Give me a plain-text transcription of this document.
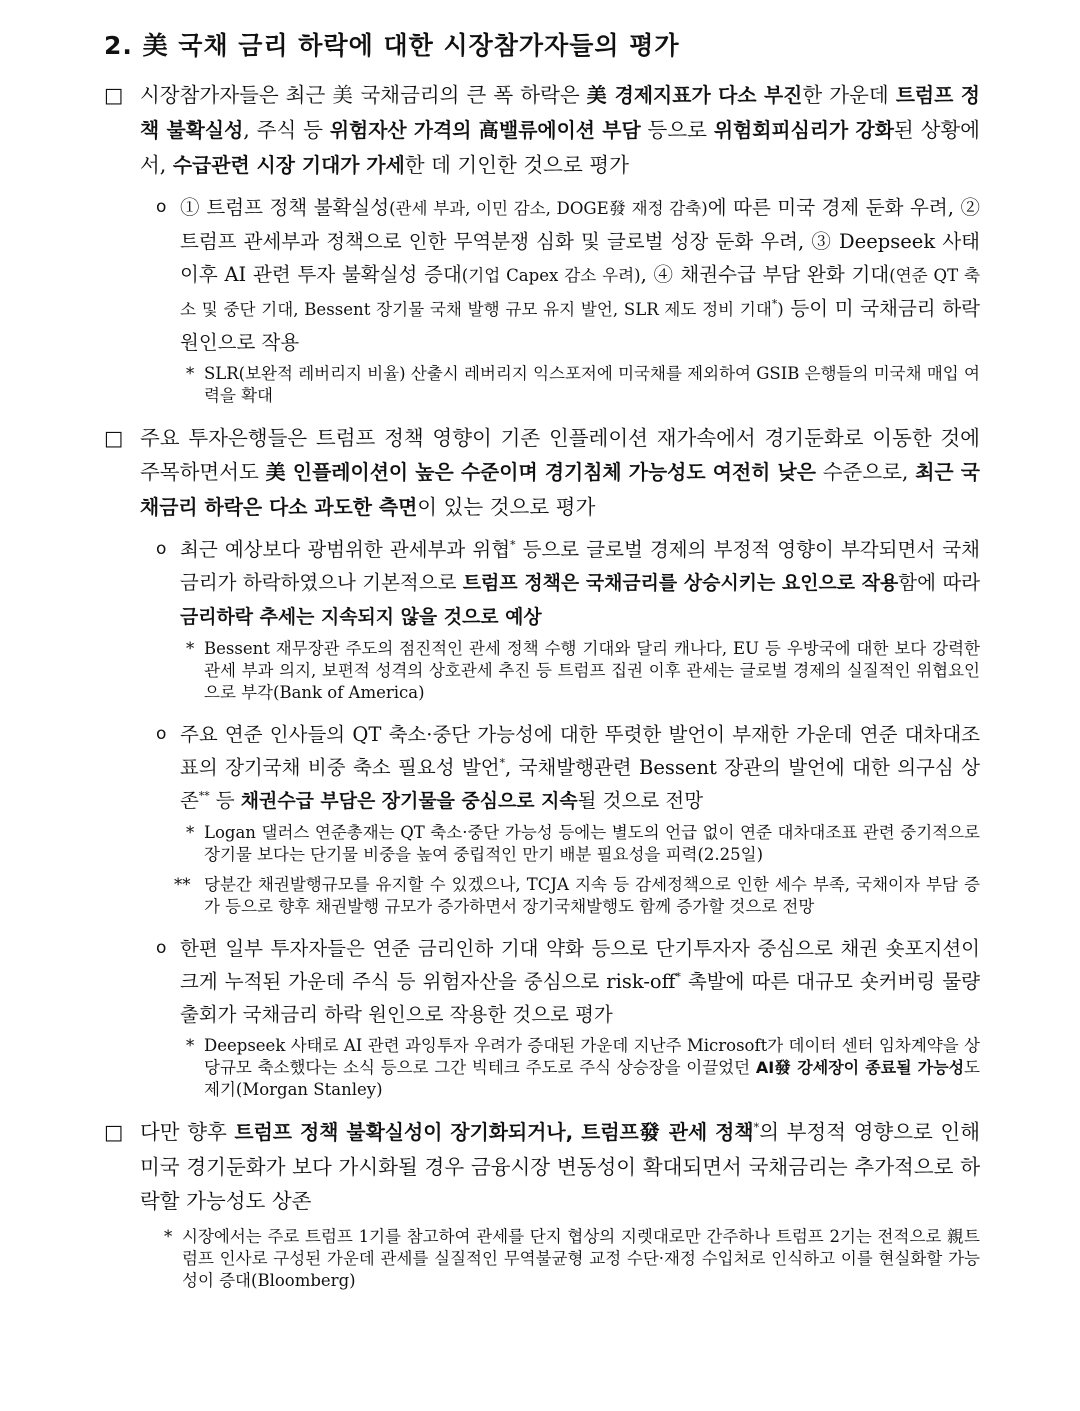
2. 美 국채 금리 하락에 대한 시장참가자들의 평가
□ 시장참가자들은 최근 美 국채금리의 큰 폭 하락은 美 경제지표가 다소 부진한 가운데 트럼프 정책 불확실성, 주식 등 위험자산 가격의 高밸류에이션 부담 등으로 위험회피심리가 강화된 상황에서, 수급관련 시장 기대가 가세한 데 기인한 것으로 평가
ο ① 트럼프 정책 불확실성(관세 부과, 이민 감소, DOGE發 재정 감축)에 따른 미국 경제 둔화 우려, ② 트럼프 관세부과 정책으로 인한 무역분쟁 심화 및 글로벌 성장 둔화 우려, ③ Deepseek 사태 이후 AI 관련 투자 불확실성 증대(기업 Capex 감소 우려), ④ 채권수급 부담 완화 기대(연준 QT 축소 및 중단 기대, Bessent 장기물 국채 발행 규모 유지 발언, SLR 제도 정비 기대*) 등이 미 국채금리 하락 원인으로 작용
* SLR(보완적 레버리지 비율) 산출시 레버리지 익스포저에 미국채를 제외하여 GSIB 은행들의 미국채 매입 여력을 확대
□ 주요 투자은행들은 트럼프 정책 영향이 기존 인플레이션 재가속에서 경기둔화로 이동한 것에 주목하면서도 美 인플레이션이 높은 수준이며 경기침체 가능성도 여전히 낮은 수준으로, 최근 국채금리 하락은 다소 과도한 측면이 있는 것으로 평가
ο 최근 예상보다 광범위한 관세부과 위협* 등으로 글로벌 경제의 부정적 영향이 부각되면서 국채금리가 하락하였으나 기본적으로 트럼프 정책은 국채금리를 상승시키는 요인으로 작용함에 따라 금리하락 추세는 지속되지 않을 것으로 예상
* Bessent 재무장관 주도의 점진적인 관세 정책 수행 기대와 달리 캐나다, EU 등 우방국에 대한 보다 강력한 관세 부과 의지, 보편적 성격의 상호관세 추진 등 트럼프 집권 이후 관세는 글로벌 경제의 실질적인 위협요인으로 부각(Bank of America)
ο 주요 연준 인사들의 QT 축소·중단 가능성에 대한 뚜렷한 발언이 부재한 가운데 연준 대차대조표의 장기국채 비중 축소 필요성 발언*, 국채발행관련 Bessent 장관의 발언에 대한 의구심 상존** 등 채권수급 부담은 장기물을 중심으로 지속될 것으로 전망
* Logan 댈러스 연준총재는 QT 축소·중단 가능성 등에는 별도의 언급 없이 연준 대차대조표 관련 중기적으로 장기물 보다는 단기물 비중을 높여 중립적인 만기 배분 필요성을 피력(2.25일)
** 당분간 채권발행규모를 유지할 수 있겠으나, TCJA 지속 등 감세정책으로 인한 세수 부족, 국채이자 부담 증가 등으로 향후 채권발행 규모가 증가하면서 장기국채발행도 함께 증가할 것으로 전망
ο 한편 일부 투자자들은 연준 금리인하 기대 약화 등으로 단기투자자 중심으로 채권 숏포지션이 크게 누적된 가운데 주식 등 위험자산을 중심으로 risk-off* 촉발에 따른 대규모 숏커버링 물량 출회가 국채금리 하락 원인으로 작용한 것으로 평가
* Deepseek 사태로 AI 관련 과잉투자 우려가 증대된 가운데 지난주 Microsoft가 데이터 센터 임차계약을 상당규모 축소했다는 소식 등으로 그간 빅테크 주도로 주식 상승장을 이끌었던 AI發 강세장이 종료될 가능성도 제기(Morgan Stanley)
□ 다만 향후 트럼프 정책 불확실성이 장기화되거나, 트럼프發 관세 정책*의 부정적 영향으로 인해 미국 경기둔화가 보다 가시화될 경우 금융시장 변동성이 확대되면서 국채금리는 추가적으로 하락할 가능성도 상존
* 시장에서는 주로 트럼프 1기를 참고하여 관세를 단지 협상의 지렛대로만 간주하나 트럼프 2기는 전적으로 親트럼프 인사로 구성된 가운데 관세를 실질적인 무역불균형 교정 수단·재정 수입처로 인식하고 이를 현실화할 가능성이 증대(Bloomberg)
